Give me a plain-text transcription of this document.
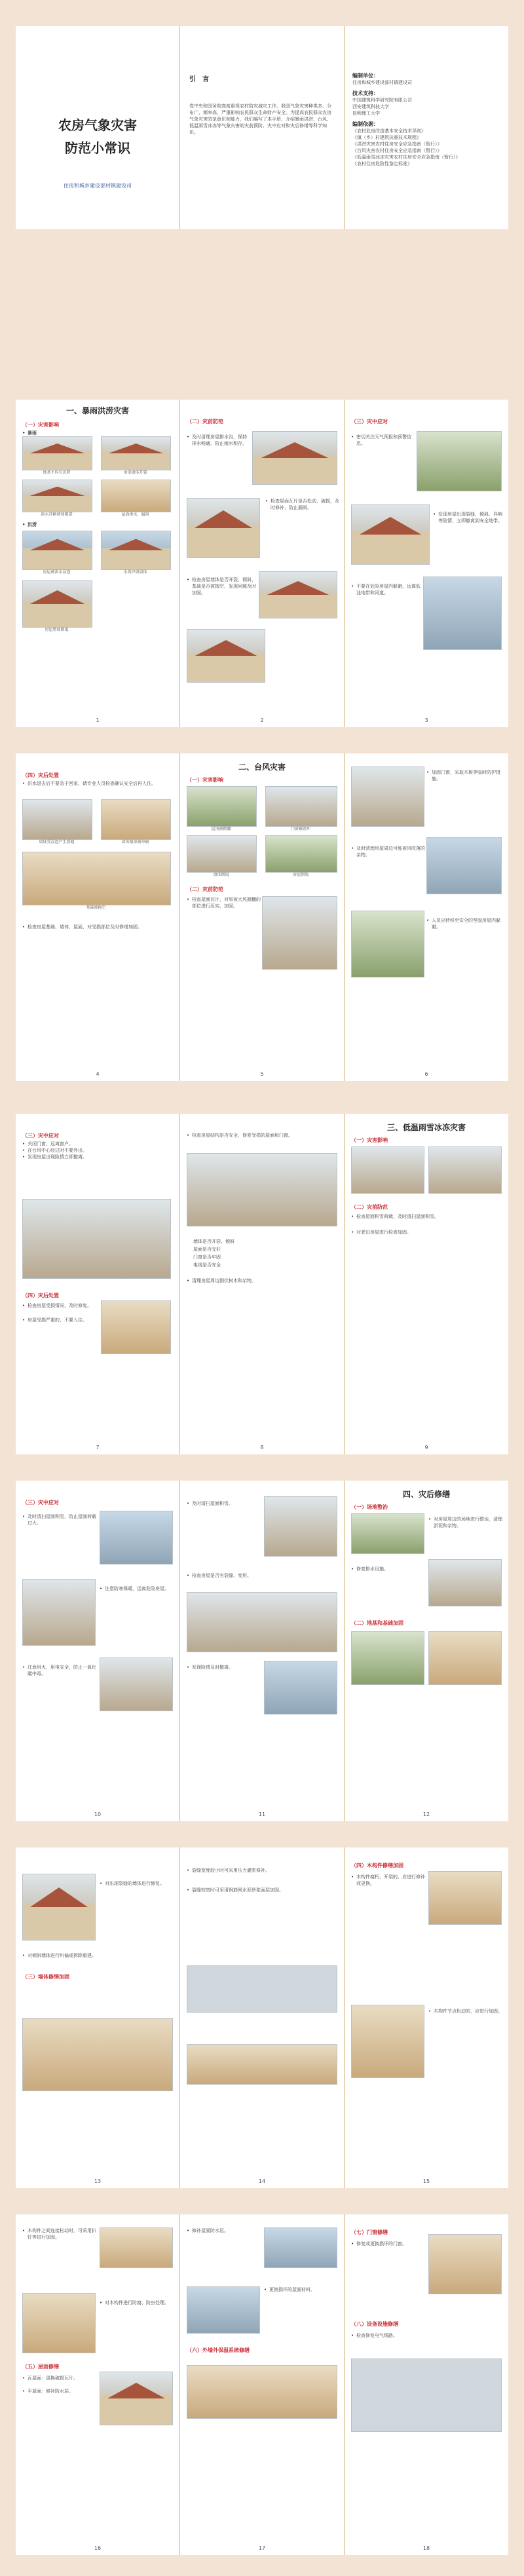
农房气象灾害
防范小常识
住房和城乡建设部村镇建设司
引　言
党中央和国务院高度重视农村防灾减灾工作，我国气象灾害种类多、分布广、频率高，严重影响农民群众生命财产安全。为提高农民群众农房气象灾害防范意识和能力，我们编写了本手册，介绍暴雨洪涝、台风、低温雨雪冰冻等气象灾害的灾前预防、灾中应对和灾后修缮等科学知识。
编制单位：
住房和城乡建设部村镇建设司
技术支持：
中国建筑科学研究院有限公司
西安建筑科技大学
昆明理工大学
编制依据：
《农村危房改造基本安全技术导则》
《镇（乡）村建筑抗震技术规程》
《洪涝灾害农村住房安全应急指南（暂行）》
《台风灾害农村住房安全应急指南（暂行）》
《低温雨雪冰冻灾害农村住房安全应急指南（暂行）》
《农村住房危险性鉴定标准》
一、暴雨洪涝灾害
（一）灾害影响
• 暴雨
地基不均匀沉降	承重墙体开裂
雨水冲刷墙体根部	屋面渗水、漏雨
• 洪涝
房屋被洪水浸泡	水流冲毁墙体
房屋整体倒塌
1
（二）灾前防范
• 及时清理房屋排水沟，保持排水畅通，防止雨水积存。
• 检查屋面瓦片是否松动、破损，及时修补，防止漏雨。
• 检查房屋墙体是否开裂、倾斜，基础是否被掏空，发现问题及时加固。
2
（三）灾中应对
• 密切关注天气预报和预警信息。
• 发现房屋出现裂缝、倾斜、异响等险情，立即撤离到安全地带。
• 不要在危险房屋内躲避，远离低洼地带和河道。
3
（四）灾后处置
• 洪水退去后不要急于回家，请专业人员检查确认安全后再入住。
墙体受浸泡产生裂缝	墙体根部被冲刷
基础被掏空
• 检查房屋基础、墙体、屋面，对受损部位及时修缮加固。
4
二、台风灾害
（一）灾害影响
屋顶被掀翻	门窗被毁坏
墙体倒塌	房屋倒塌
（二）灾前防范
• 检查屋面瓦片，对易被大风掀翻的部位进行压实、加固。
5
• 加固门窗，采取木板等临时防护措施。
• 及时清理房屋周边可能被风吹落的杂物。
• 人员应转移至安全的坚固房屋内躲避。
6
（三）灾中应对
• 关闭门窗，远离窗户。
• 在台风中心经过时不要外出。
• 发现房屋出现险情立即撤离。
（四）灾后处置
• 检查房屋受损情况，及时修复。
• 房屋受损严重的，不要入住。
7
• 检查房屋结构是否安全，修复受损的屋面和门窗。
墙体是否开裂、倾斜
屋面是否完好
门窗是否牢固
电线是否安全
• 清理房屋周边倒伏树木和杂物。
8
三、低温雨雪冰冻灾害
（一）灾害影响
（二）灾前防范
• 检查屋面积雪荷载，及时清扫屋面积雪。
• 对老旧房屋进行检查加固。
9
（三）灾中应对
• 及时清扫屋面积雪，防止屋面荷载过大。
• 注意防寒保暖，远离危险房屋。
• 注意用火、用电安全，防止一氧化碳中毒。
10
• 及时清扫屋面积雪。
• 检查房屋是否有裂缝、变形。
• 发现险情及时撤离。
11
四、灾后修缮
（一）场地整治
• 对房屋周边的场地进行整治，清理淤泥和杂物。
• 修复排水设施。
（二）地基和基础加固
12
• 对出现裂缝的墙体进行修复。
• 对倾斜墙体进行纠偏或拆除重建。
（三）墙体修缮加固
13
• 裂缝宽度较小时可采用压力灌浆修补。
• 裂缝较宽时可采用钢筋网水泥砂浆面层加固。
14
（四）木构件修缮加固
• 木构件腐朽、开裂的，应进行修补或更换。
• 木构件节点松动的，应进行加固。
15
• 木构件之间连接松动时，可采用扒钉等进行加固。
• 对木构件进行防腐、防虫处理。
（五）屋面修缮
• 瓦屋面：更换破损瓦片。
• 平屋面：修补防水层。
16
• 修补屋面防水层。
• 更换损坏的屋面材料。
（六）外墙外保温系统修缮
17
（七）门窗修缮
• 修复或更换损坏的门窗。
（八）设备设施修缮
• 检查修复电气线路。
18
